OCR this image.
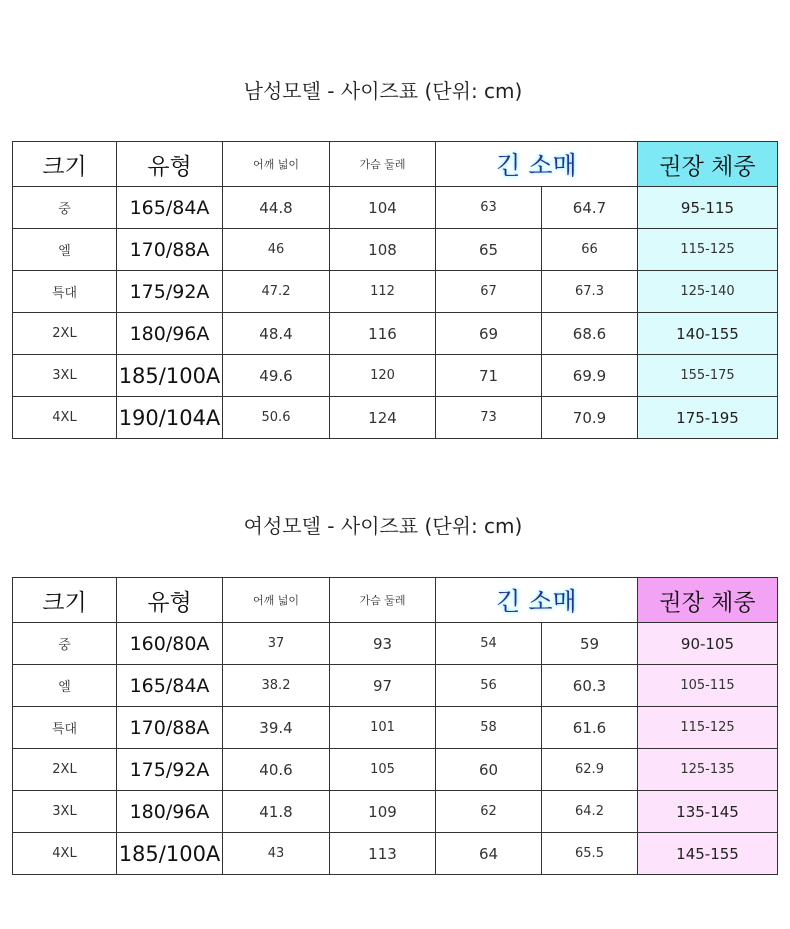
남성모델 - 사이즈표 (단위: cm)
크기	유형	어깨 넓이	가슴 둘레	긴 소매		권장 체중
중	165/84A	44.8	104	63	64.7	95-115
엘	170/88A	46	108	65	66	115-125
특대	175/92A	47.2	112	67	67.3	125-140
2XL	180/96A	48.4	116	69	68.6	140-155
3XL	185/100A	49.6	120	71	69.9	155-175
4XL	190/104A	50.6	124	73	70.9	175-195
여성모델 - 사이즈표 (단위: cm)
크기	유형	어깨 넓이	가슴 둘레	긴 소매		권장 체중
중	160/80A	37	93	54	59	90-105
엘	165/84A	38.2	97	56	60.3	105-115
특대	170/88A	39.4	101	58	61.6	115-125
2XL	175/92A	40.6	105	60	62.9	125-135
3XL	180/96A	41.8	109	62	64.2	135-145
4XL	185/100A	43	113	64	65.5	145-155
